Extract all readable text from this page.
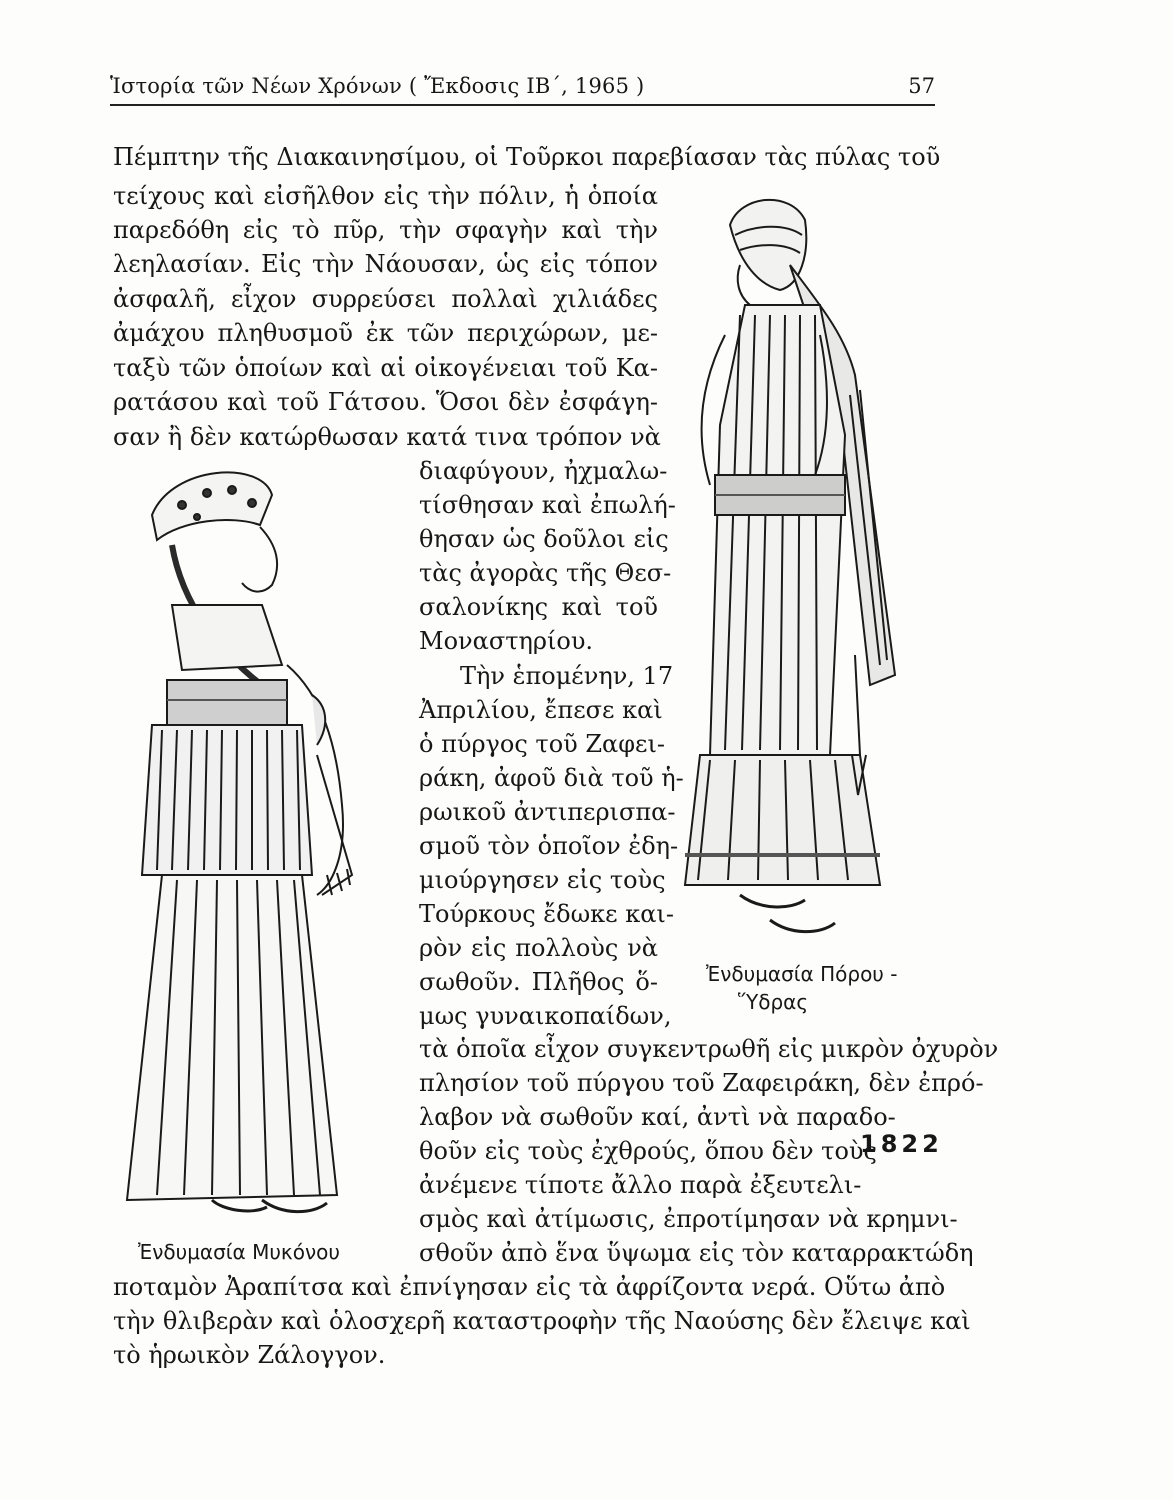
Ἱστορία τῶν Νέων Χρόνων ( Ἔκδοσις ΙΒ΄, 1965 )	57
Πέμπτην τῆς Διακαινησίμου, οἱ Τοῦρκοι παρεβίασαν τὰς πύλας τοῦ
τείχους καὶ εἰσῆλθον εἰς τὴν πόλιν, ἡ ὁποία
παρεδόθη εἰς τὸ πῦρ, τὴν σφαγὴν καὶ τὴν
λεηλασίαν. Εἰς τὴν Νάουσαν, ὡς εἰς τόπον
ἀσφαλῆ, εἶχον συρρεύσει πολλαὶ χιλιάδες
ἀμάχου πληθυσμοῦ ἐκ τῶν περιχώρων, με-
ταξὺ τῶν ὁποίων καὶ αἱ οἰκογένειαι τοῦ Κα-
ρατάσου καὶ τοῦ Γάτσου. Ὅσοι δὲν ἐσφάγη-
σαν ἢ δὲν κατώρθωσαν κατά τινα τρόπον νὰ
διαφύγουν, ἠχμαλω-
τίσθησαν καὶ ἐπωλή-
θησαν ὡς δοῦλοι εἰς
τὰς ἀγορὰς τῆς Θεσ-
σαλονίκης καὶ τοῦ
Μοναστηρίου.
Τὴν ἑπομένην, 17
Ἀπριλίου, ἔπεσε καὶ
ὁ πύργος τοῦ Ζαφει-
ράκη, ἀφοῦ διὰ τοῦ ἡ-
ρωικοῦ ἀντιπερισπα-
σμοῦ τὸν ὁποῖον ἐδη-
μιούργησεν εἰς τοὺς
Τούρκους ἔδωκε και-
ρὸν εἰς πολλοὺς νὰ
σωθοῦν. Πλῆθος ὅ-
μως γυναικοπαίδων,
τὰ ὁποῖα εἶχον συγκεντρωθῆ εἰς μικρὸν ὀχυρὸν
πλησίον τοῦ πύργου τοῦ Ζαφειράκη, δὲν ἐπρό-
λαβον νὰ σωθοῦν καί, ἀντὶ νὰ παραδο-
θοῦν εἰς τοὺς ἐχθρούς, ὅπου δὲν τοὺς
ἀνέμενε τίποτε ἄλλο παρὰ ἐξευτελι-
σμὸς καὶ ἀτίμωσις, ἐπροτίμησαν νὰ κρημνι-
σθοῦν ἀπὸ ἕνα ὕψωμα εἰς τὸν καταρρακτώδη
ποταμὸν Ἀραπίτσα καὶ ἐπνίγησαν εἰς τὰ ἀφρίζοντα νερά. Οὕτω ἀπὸ
τὴν θλιβερὰν καὶ ὁλοσχερῆ καταστροφὴν τῆς Ναούσης δὲν ἔλειψε καὶ
τὸ ἡρωικὸν Ζάλογγον.
1822
Ἐνδυμασία Μυκόνου
Ἐνδυμασία Πόρου -
Ὕδρας
